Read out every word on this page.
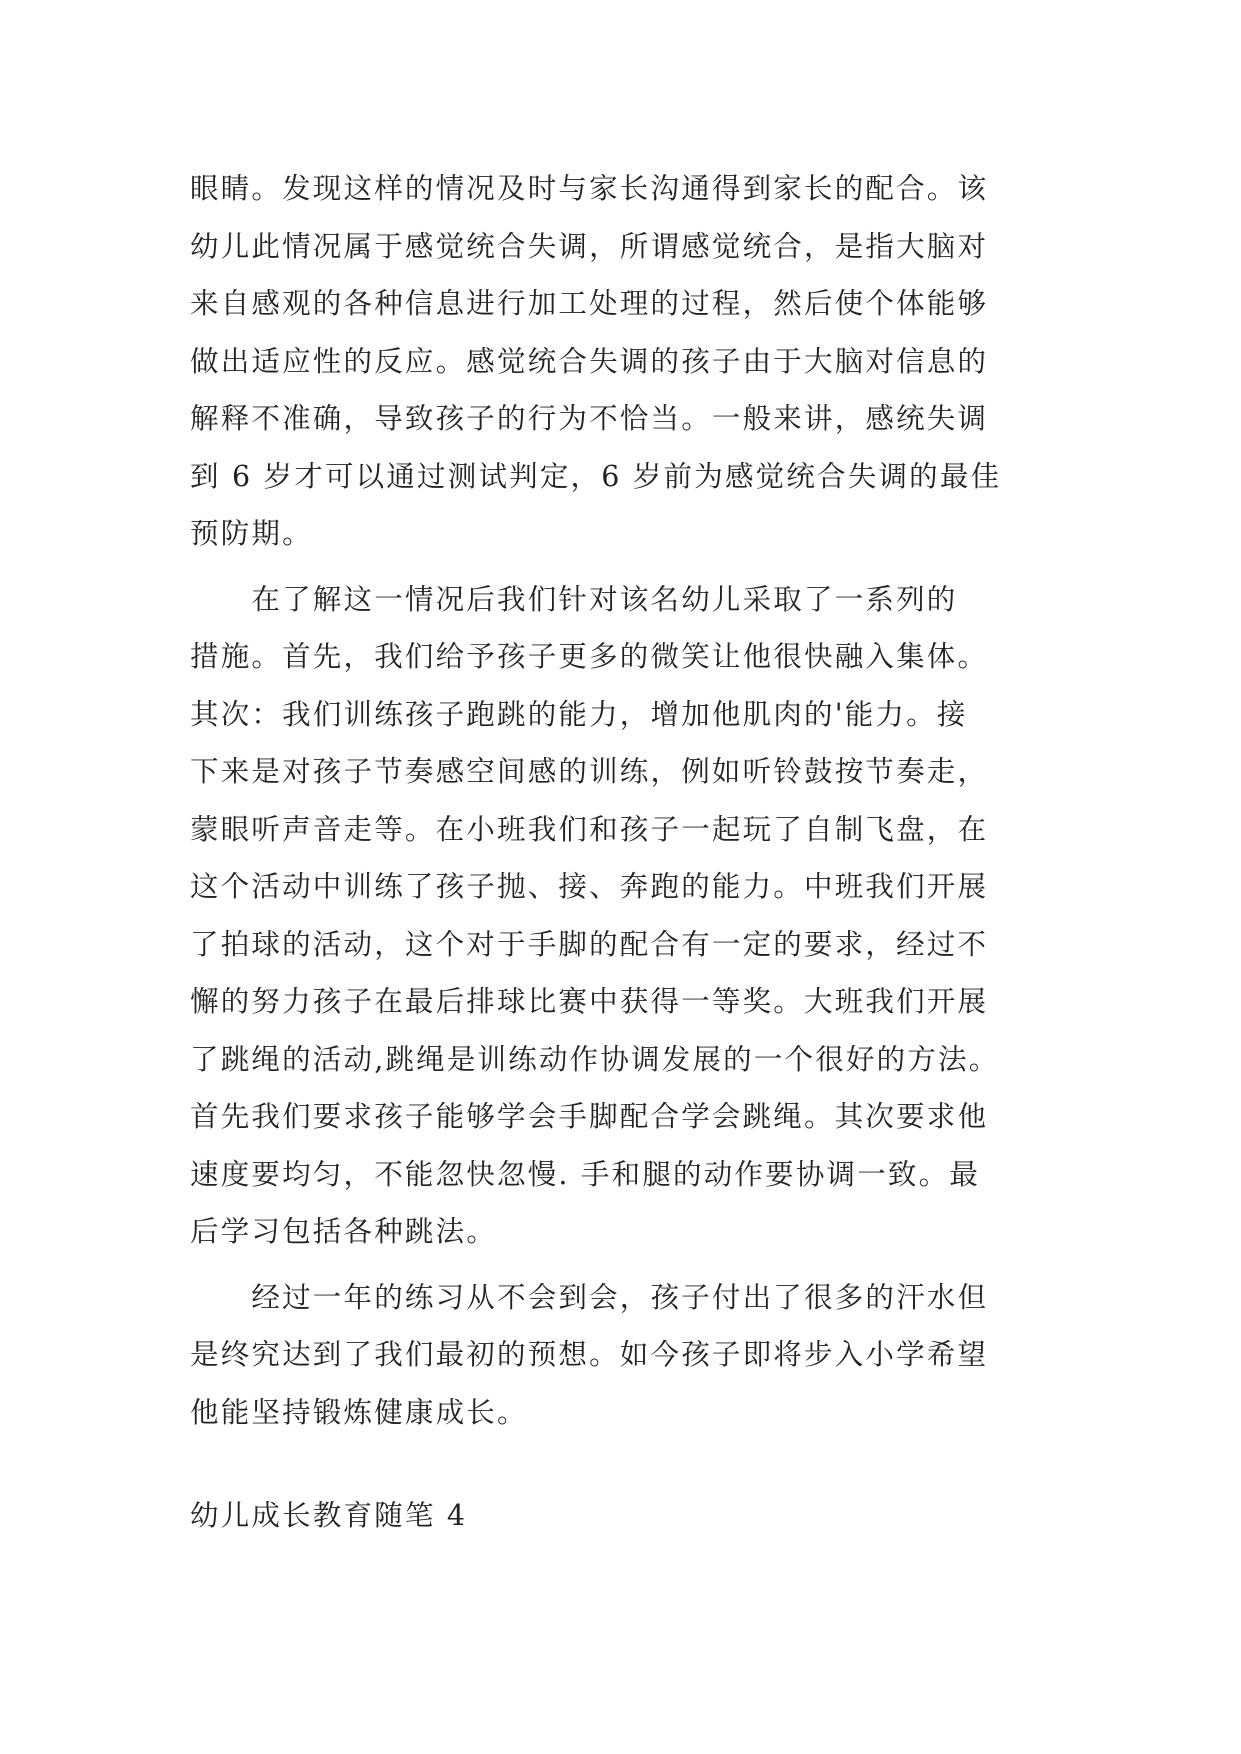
眼睛。发现这样的情况及时与家长沟通得到家长的配合。该
幼儿此情况属于感觉统合失调，所谓感觉统合，是指大脑对
来自感观的各种信息进行加工处理的过程，然后使个体能够
做出适应性的反应。感觉统合失调的孩子由于大脑对信息的
解释不准确，导致孩子的行为不恰当。一般来讲，感统失调
到 6 岁才可以通过测试判定，6 岁前为感觉统合失调的最佳
预防期。
　　在了解这一情况后我们针对该名幼儿采取了一系列的
措施。首先，我们给予孩子更多的微笑让他很快融入集体。
其次：我们训练孩子跑跳的能力，增加他肌肉的'能力。接
下来是对孩子节奏感空间感的训练，例如听铃鼓按节奏走，
蒙眼听声音走等。在小班我们和孩子一起玩了自制飞盘，在
这个活动中训练了孩子抛、接、奔跑的能力。中班我们开展
了拍球的活动，这个对于手脚的配合有一定的要求，经过不
懈的努力孩子在最后排球比赛中获得一等奖。大班我们开展
了跳绳的活动,跳绳是训练动作协调发展的一个很好的方法。
首先我们要求孩子能够学会手脚配合学会跳绳。其次要求他
速度要均匀，不能忽快忽慢. 手和腿的动作要协调一致。最
后学习包括各种跳法。
　　经过一年的练习从不会到会，孩子付出了很多的汗水但
是终究达到了我们最初的预想。如今孩子即将步入小学希望
他能坚持锻炼健康成长。
幼儿成长教育随笔 4
